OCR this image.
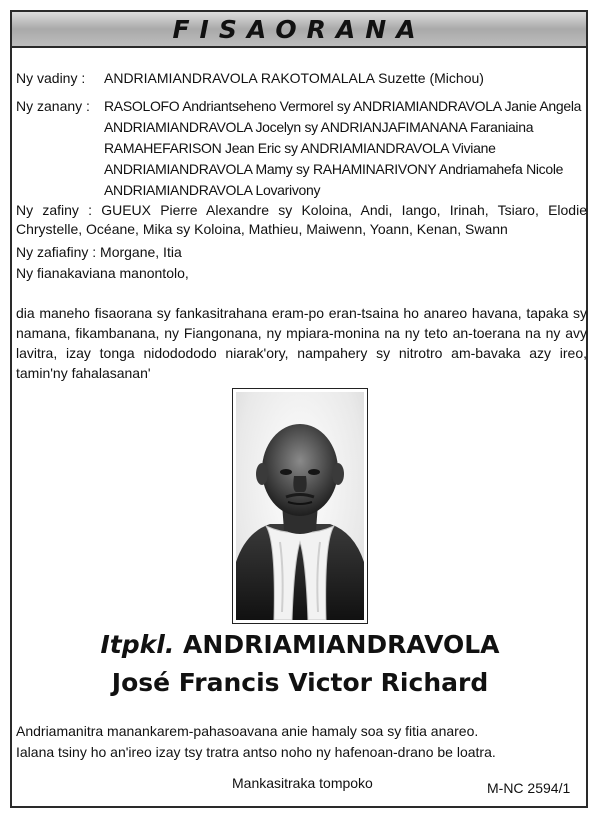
FISAORANA
Ny vadiny : ANDRIAMIANDRAVOLA RAKOTOMALALA Suzette (Michou)
Ny zanany : RASOLOFO Andriantseheno Vermorel sy ANDRIAMIANDRAVOLA Janie Angela
ANDRIAMIANDRAVOLA Jocelyn sy ANDRIANJAFIMANANA Faraniaina
RAMAHEFARISON Jean Eric sy ANDRIAMIANDRAVOLA Viviane
ANDRIAMIANDRAVOLA Mamy sy RAHAMINARIVONY Andriamahefa Nicole
ANDRIAMIANDRAVOLA Lovarivony
Ny zafiny : GUEUX Pierre Alexandre sy Koloina, Andi, Iango, Irinah, Tsiaro, Elodie Chrystelle, Océane, Mika sy Koloina, Mathieu, Maiwenn, Yoann, Kenan, Swann
Ny zafiafiny : Morgane, Itia
Ny fianakaviana manontolo,
dia maneho fisaorana sy fankasitrahana eram-po eran-tsaina ho anareo havana, tapaka sy namana, fikambanana, ny Fiangonana, ny mpiara-monina na ny teto an-toerana na ny avy lavitra, izay tonga nidodododo niarak'ory, nampahery sy nitrotro am-bavaka azy ireo, tamin'ny fahalasanan'
Itpkl. ANDRIAMIANDRAVOLA
José Francis Victor Richard
Andriamanitra manankarem-pahasoavana anie hamaly soa sy fitia anareo.
Ialana tsiny ho an'ireo izay tsy tratra antso noho ny hafenoan-drano be loatra.
Mankasitraka tompoko	M-NC 2594/1
